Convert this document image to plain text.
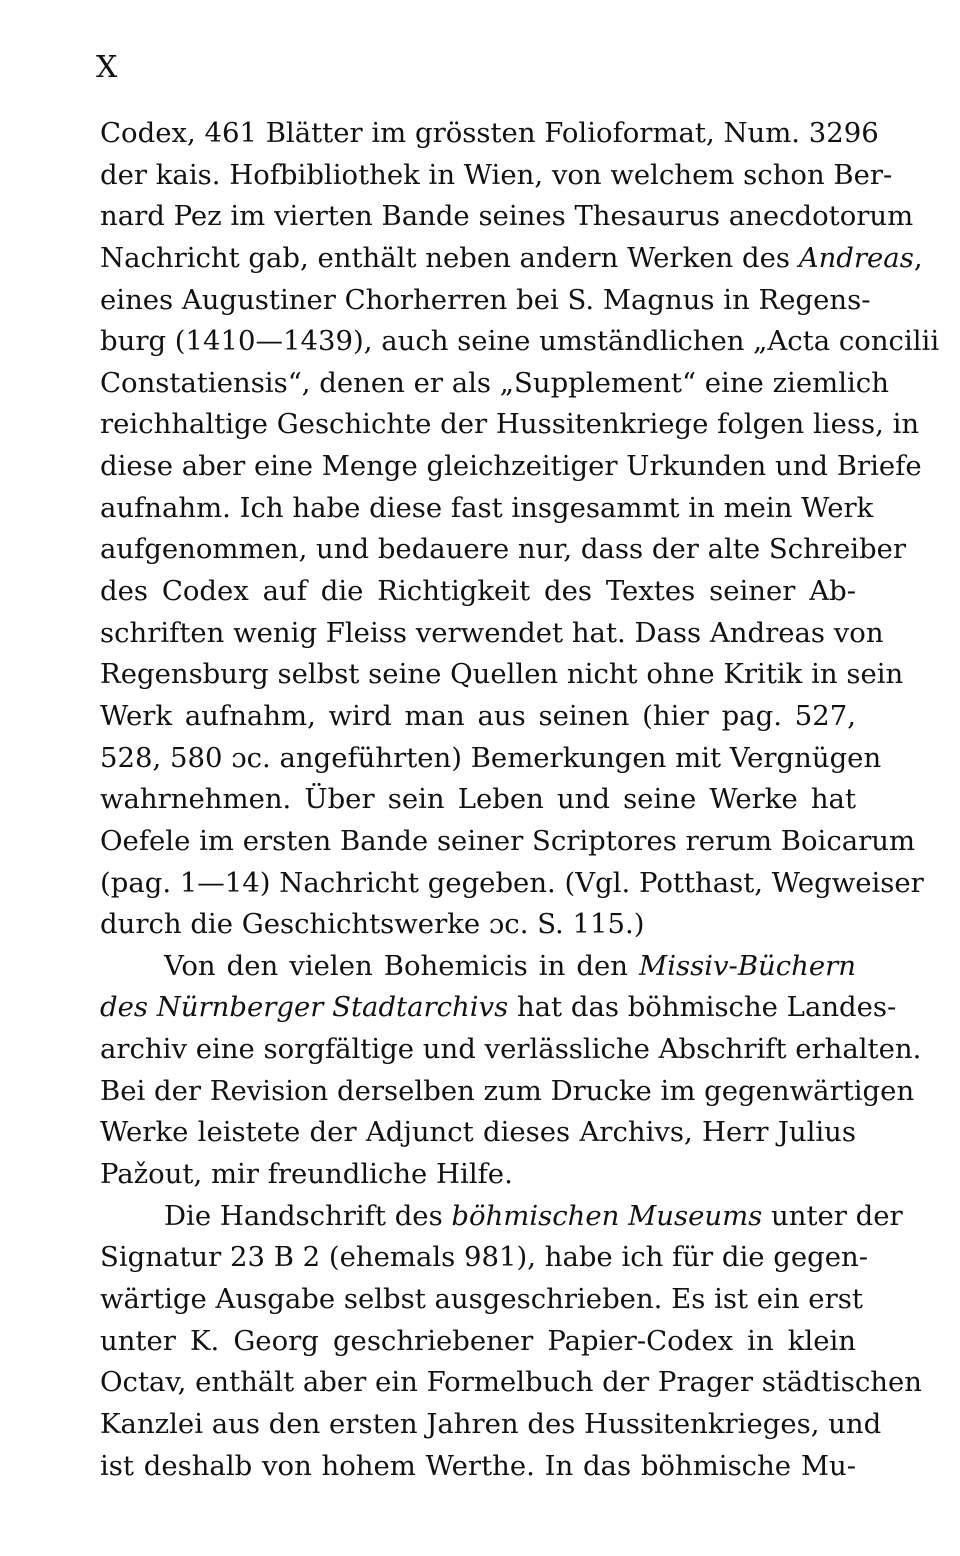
X
Codex, 461 Blätter im grössten Folioformat, Num. 3296
der kais. Hofbibliothek in Wien, von welchem schon Ber-
nard Pez im vierten Bande seines Thesaurus anecdotorum
Nachricht gab, enthält neben andern Werken des Andreas,
eines Augustiner Chorherren bei S. Magnus in Regens-
burg (1410—1439), auch seine umständlichen „Acta concilii
Constatiensis“, denen er als „Supplement“ eine ziemlich
reichhaltige Geschichte der Hussitenkriege folgen liess, in
diese aber eine Menge gleichzeitiger Urkunden und Briefe
aufnahm. Ich habe diese fast insgesammt in mein Werk
aufgenommen, und bedauere nur, dass der alte Schreiber
des Codex auf die Richtigkeit des Textes seiner Ab-
schriften wenig Fleiss verwendet hat. Dass Andreas von
Regensburg selbst seine Quellen nicht ohne Kritik in sein
Werk aufnahm, wird man aus seinen (hier pag. 527,
528, 580 ɔc. angeführten) Bemerkungen mit Vergnügen
wahrnehmen. Über sein Leben und seine Werke hat
Oefele im ersten Bande seiner Scriptores rerum Boicarum
(pag. 1—14) Nachricht gegeben. (Vgl. Potthast, Wegweiser
durch die Geschichtswerke ɔc. S. 115.)
Von den vielen Bohemicis in den Missiv-Büchern
des Nürnberger Stadtarchivs hat das böhmische Landes-
archiv eine sorgfältige und verlässliche Abschrift erhalten.
Bei der Revision derselben zum Drucke im gegenwärtigen
Werke leistete der Adjunct dieses Archivs, Herr Julius
Pažout, mir freundliche Hilfe.
Die Handschrift des böhmischen Museums unter der
Signatur 23 B 2 (ehemals 981), habe ich für die gegen-
wärtige Ausgabe selbst ausgeschrieben. Es ist ein erst
unter K. Georg geschriebener Papier-Codex in klein
Octav, enthält aber ein Formelbuch der Prager städtischen
Kanzlei aus den ersten Jahren des Hussitenkrieges, und
ist deshalb von hohem Werthe. In das böhmische Mu-
